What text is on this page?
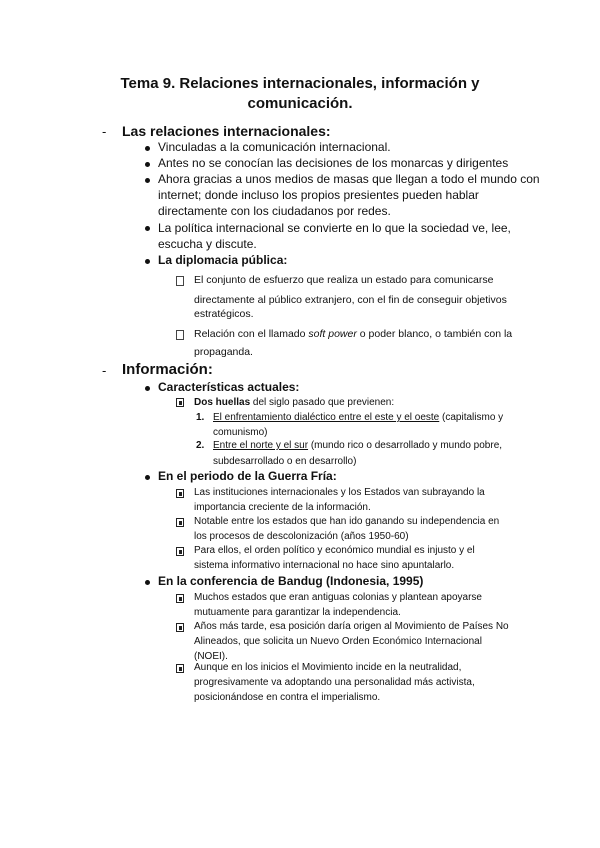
Tema 9. Relaciones internacionales, información y
comunicación.
- Las relaciones internacionales:
Vinculadas a la comunicación internacional.
Antes no se conocían las decisiones de los monarcas y dirigentes
Ahora gracias a unos medios de masas que llegan a todo el mundo con
internet; donde incluso los propios presientes pueden hablar
directamente con los ciudadanos por redes.
La política internacional se convierte en lo que la sociedad ve, lee,
escucha y discute.
La diplomacia pública:
El conjunto de esfuerzo que realiza un estado para comunicarse
directamente al público extranjero, con el fin de conseguir objetivos
estratégicos.
Relación con el llamado soft power o poder blanco, o también con la
propaganda.
- Información:
Características actuales:
Dos huellas del siglo pasado que previenen:
1. El enfrentamiento dialéctico entre el este y el oeste (capitalismo y
comunismo)
2. Entre el norte y el sur (mundo rico o desarrollado y mundo pobre,
subdesarrollado o en desarrollo)
En el periodo de la Guerra Fría:
Las instituciones internacionales y los Estados van subrayando la
importancia creciente de la información.
Notable entre los estados que han ido ganando su independencia en
los procesos de descolonización (años 1950-60)
Para ellos, el orden político y económico mundial es injusto y el
sistema informativo internacional no hace sino apuntalarlo.
En la conferencia de Bandug (Indonesia, 1995)
Muchos estados que eran antiguas colonias y plantean apoyarse
mutuamente para garantizar la independencia.
Años más tarde, esa posición daría origen al Movimiento de Países No
Alineados, que solicita un Nuevo Orden Económico Internacional
(NOEI).
Aunque en los inicios el Movimiento incide en la neutralidad,
progresivamente va adoptando una personalidad más activista,
posicionándose en contra el imperialismo.
